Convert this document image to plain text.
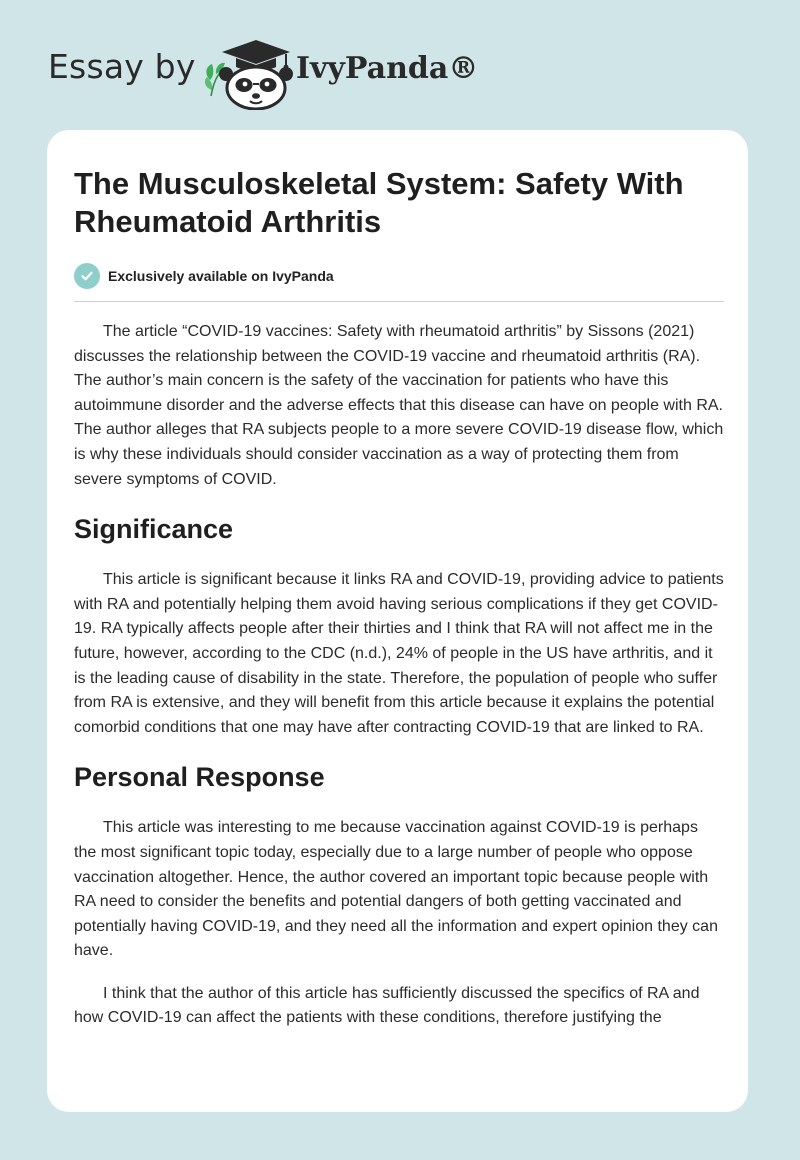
Essay by	IvyPanda®
The Musculoskeletal System: Safety With Rheumatoid Arthritis
Exclusively available on IvyPanda

The article “COVID-19 vaccines: Safety with rheumatoid arthritis” by Sissons (2021) discusses the relationship between the COVID-19 vaccine and rheumatoid arthritis (RA). The author’s main concern is the safety of the vaccination for patients who have this autoimmune disorder and the adverse effects that this disease can have on people with RA. The author alleges that RA subjects people to a more severe COVID-19 disease flow, which is why these individuals should consider vaccination as a way of protecting them from severe symptoms of COVID.

Significance

This article is significant because it links RA and COVID-19, providing advice to patients with RA and potentially helping them avoid having serious complications if they get COVID-19. RA typically affects people after their thirties and I think that RA will not affect me in the future, however, according to the CDC (n.d.), 24% of people in the US have arthritis, and it is the leading cause of disability in the state. Therefore, the population of people who suffer from RA is extensive, and they will benefit from this article because it explains the potential comorbid conditions that one may have after contracting COVID-19 that are linked to RA.

Personal Response

This article was interesting to me because vaccination against COVID-19 is perhaps the most significant topic today, especially due to a large number of people who oppose vaccination altogether. Hence, the author covered an important topic because people with RA need to consider the benefits and potential dangers of both getting vaccinated and potentially having COVID-19, and they need all the information and expert opinion they can have.

I think that the author of this article has sufficiently discussed the specifics of RA and how COVID-19 can affect the patients with these conditions, therefore justifying the
